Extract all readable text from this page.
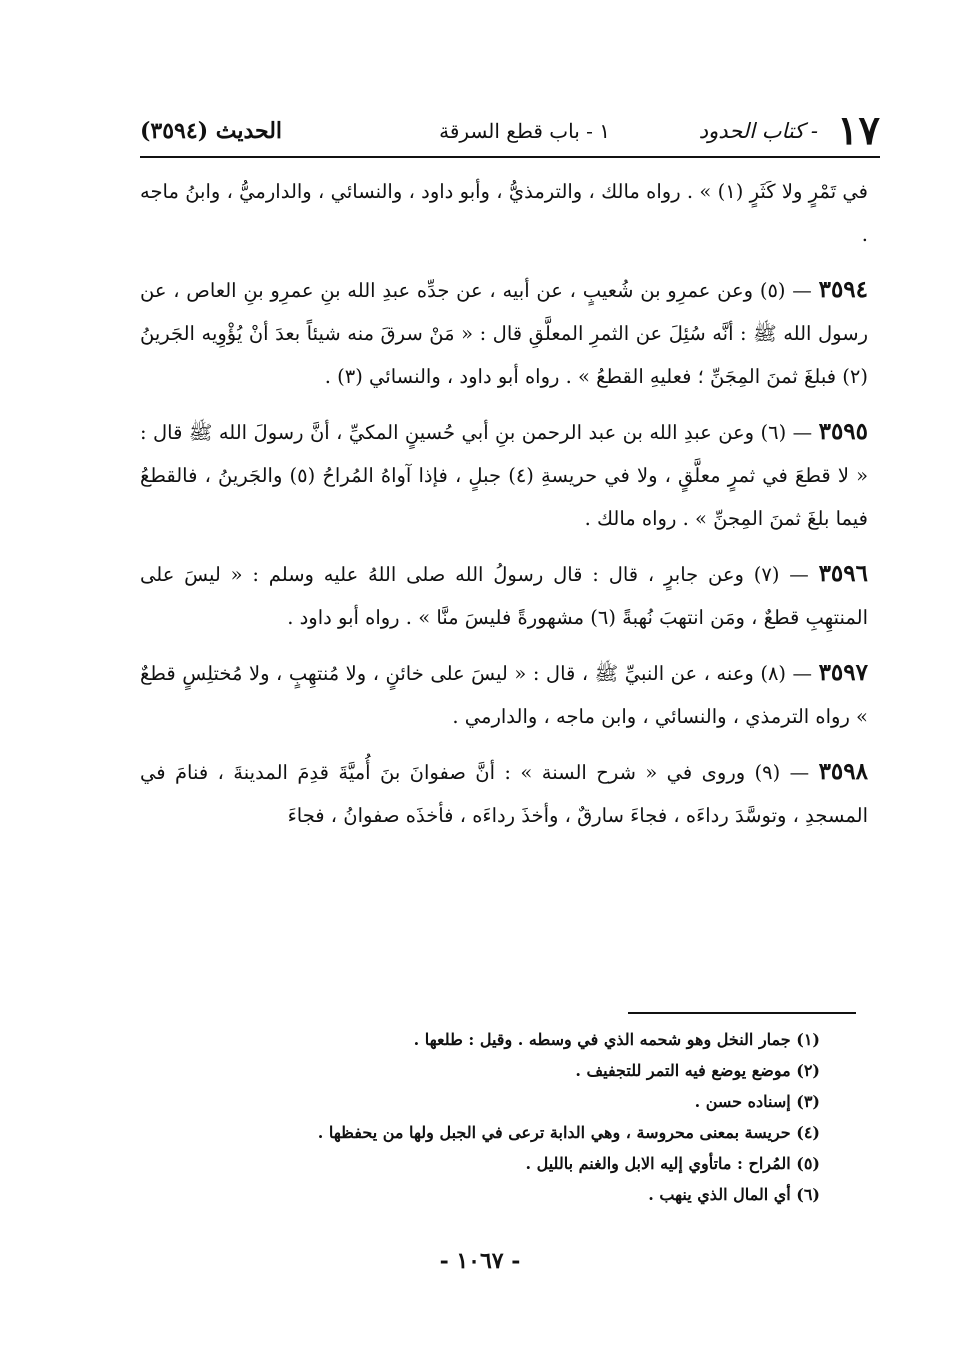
١٧
- كتاب الحدود
١ - باب قطع السرقة
الحديث (٣٥٩٤)

في تَمْرٍ ولا كَثَرٍ (١) » . رواه مالك ، والترمذيُّ ، وأبو داود ، والنسائي ، والدارميُّ ، وابنُ ماجه .

٣٥٩٤ — (٥) وعن عمرِو بن شُعيبٍ ، عن أبيه ، عن جدِّه عبدِ الله بنِ عمرِو بنِ العاص ، عن رسول الله ﷺ : أنَّه سُئِلَ عن الثمرِ المعلَّقِ قال : « مَنْ سرقَ منه شيئاً بعدَ أنْ يُؤْوِيه الجَرينُ (٢) فبلغَ ثمنَ المِجَنِّ ؛ فعليهِ القطعُ » . رواه أبو داود ، والنسائي (٣) .

٣٥٩٥ — (٦) وعن عبدِ الله بن عبد الرحمن بنِ أبي حُسينٍ المكيِّ ، أنَّ رسولَ الله ﷺ قال : « لا قطعَ في ثمرٍ معلَّقٍ ، ولا في حريسةِ (٤) جبلٍ ، فإذا آواهُ المُراحُ (٥) والجَرينُ ، فالقطعُ فيما بلغَ ثمنَ المِجنِّ » . رواه مالك .

٣٥٩٦ — (٧) وعن جابرٍ ، قال : قال رسولُ الله صلى اللهُ عليه وسلم : « ليسَ على المنتهِبِ قطعٌ ، ومَن انتهبَ نُهبةً (٦) مشهورةً فليسَ منَّا » . رواه أبو داود .

٣٥٩٧ — (٨) وعنه ، عن النبيِّ ﷺ ، قال : « ليسَ على خائنٍ ، ولا مُنتهِبٍ ، ولا مُختلِسٍ قطعٌ » رواه الترمذي ، والنسائي ، وابن ماجه ، والدارمي .

٣٥٩٨ — (٩) وروى في « شرح السنة » : أنَّ صفوانَ بنَ أُميَّةَ قدِمَ المدينةَ ، فنامَ في المسجدِ ، وتوسَّدَ رداءَه ، فجاءَ سارقٌ ، وأخذَ رداءَه ، فأخذَه صفوانُ ، فجاءَ

(١) جمار النخل وهو شحمه الذي في وسطه . وقيل : طلعها .

(٢) موضع يوضع فيه التمر للتجفيف .

(٣) إسناده حسن .

(٤) حريسة بمعنى محروسة ، وهي الدابة ترعى في الجبل ولها من يحفظها .

(٥) المُراح : ماتأوي إليه الابل والغنم بالليل .

(٦) أي المال الذي ينهب .

- ١٠٦٧ -
